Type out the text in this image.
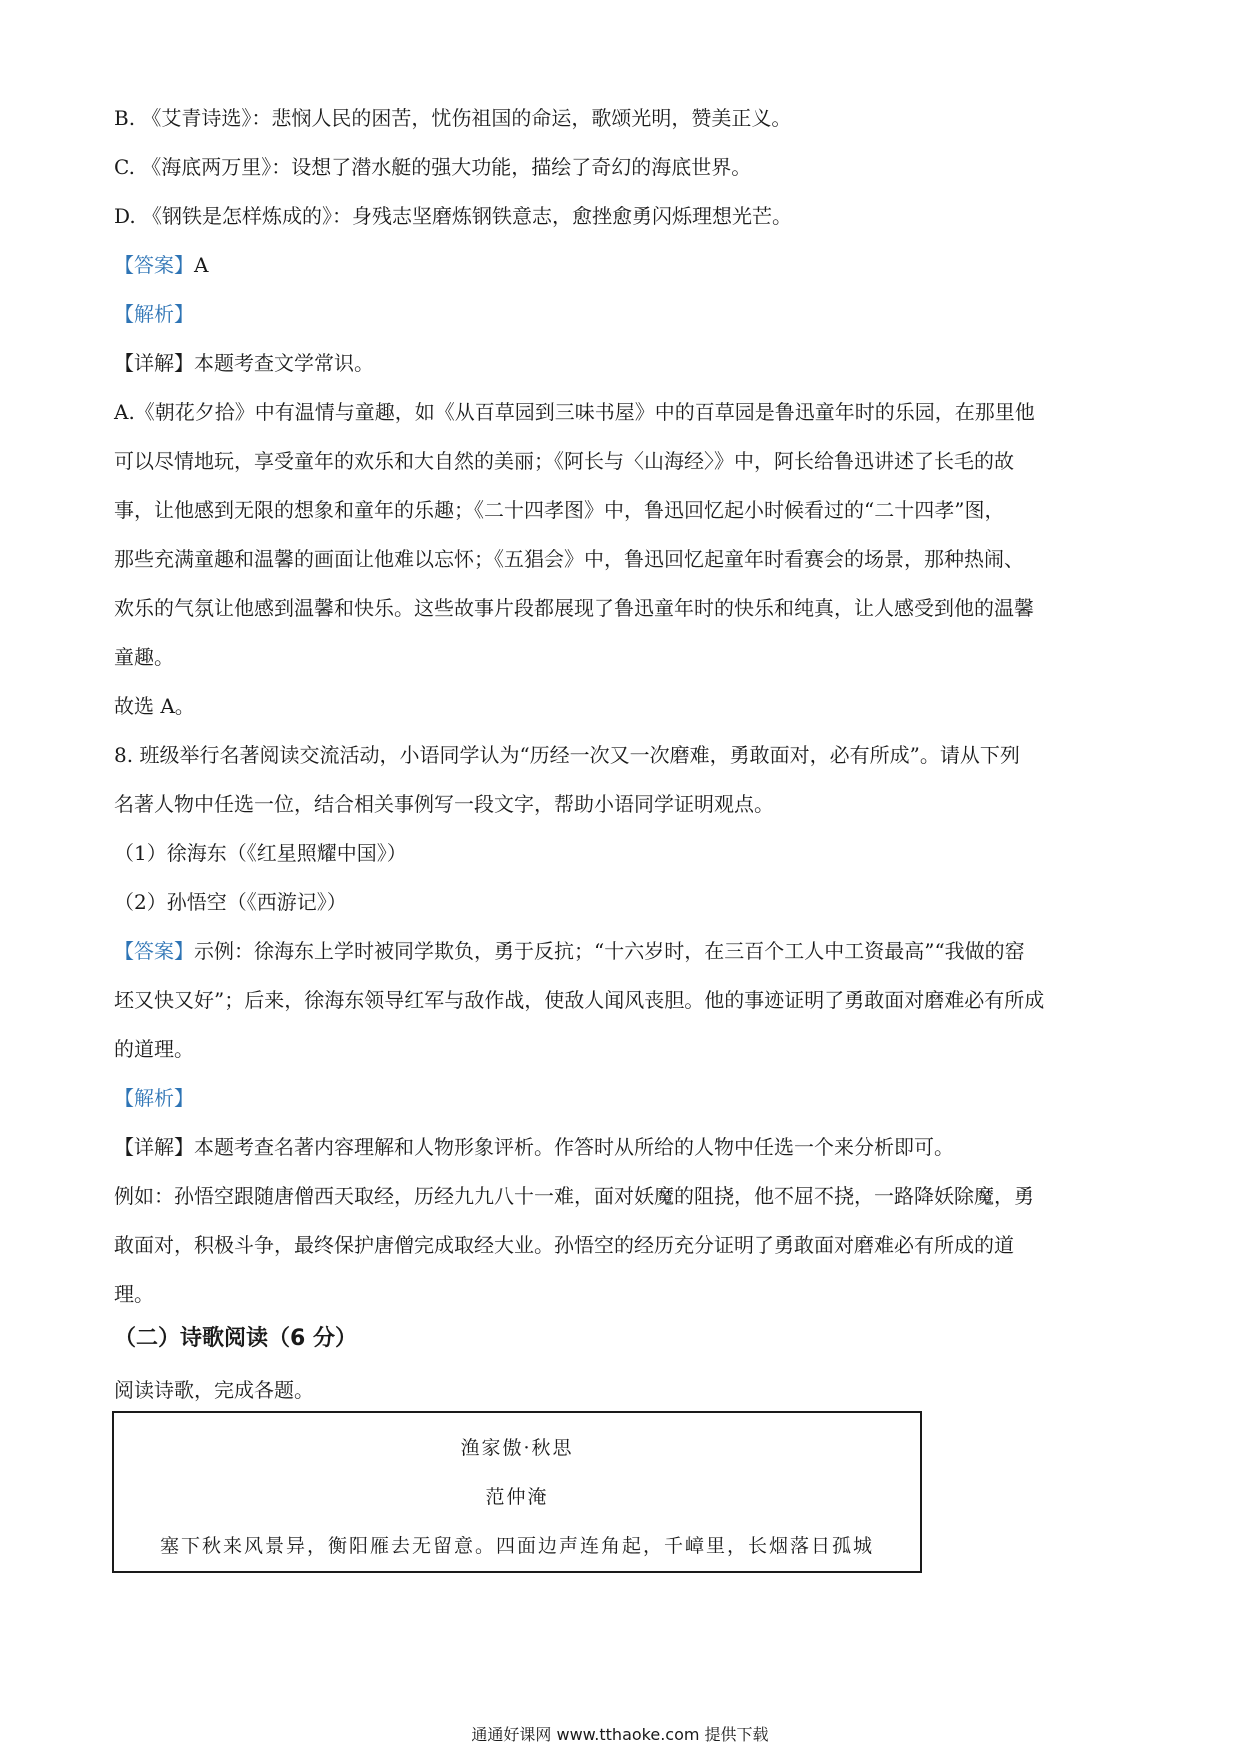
B. 《艾青诗选》：悲悯人民的困苦，忧伤祖国的命运，歌颂光明，赞美正义。
C. 《海底两万里》：设想了潜水艇的强大功能，描绘了奇幻的海底世界。
D. 《钢铁是怎样炼成的》：身残志坚磨炼钢铁意志，愈挫愈勇闪烁理想光芒。
【答案】A
【解析】
【详解】本题考查文学常识。
A.《朝花夕拾》中有温情与童趣，如《从百草园到三味书屋》中的百草园是鲁迅童年时的乐园，在那里他
可以尽情地玩，享受童年的欢乐和大自然的美丽；《阿长与〈山海经〉》中，阿长给鲁迅讲述了长毛的故
事，让他感到无限的想象和童年的乐趣；《二十四孝图》中，鲁迅回忆起小时候看过的“二十四孝”图，
那些充满童趣和温馨的画面让他难以忘怀；《五猖会》中，鲁迅回忆起童年时看赛会的场景，那种热闹、
欢乐的气氛让他感到温馨和快乐。这些故事片段都展现了鲁迅童年时的快乐和纯真，让人感受到他的温馨
童趣。
故选 A。
8. 班级举行名著阅读交流活动，小语同学认为“历经一次又一次磨难，勇敢面对，必有所成”。请从下列
名著人物中任选一位，结合相关事例写一段文字，帮助小语同学证明观点。
（1）徐海东（《红星照耀中国》）
（2）孙悟空（《西游记》）
【答案】示例：徐海东上学时被同学欺负，勇于反抗；“十六岁时，在三百个工人中工资最高”“我做的窑
坯又快又好”；后来，徐海东领导红军与敌作战，使敌人闻风丧胆。他的事迹证明了勇敢面对磨难必有所成
的道理。
【解析】
【详解】本题考查名著内容理解和人物形象评析。作答时从所给的人物中任选一个来分析即可。
例如：孙悟空跟随唐僧西天取经，历经九九八十一难，面对妖魔的阻挠，他不屈不挠，一路降妖除魔，勇
敢面对，积极斗争，最终保护唐僧完成取经大业。孙悟空的经历充分证明了勇敢面对磨难必有所成的道
理。
（二）诗歌阅读（6 分）
阅读诗歌，完成各题。
渔家傲·秋思
范仲淹
塞下秋来风景异，衡阳雁去无留意。四面边声连角起，千嶂里，长烟落日孤城
通通好课网 www.tthaoke.com 提供下载
